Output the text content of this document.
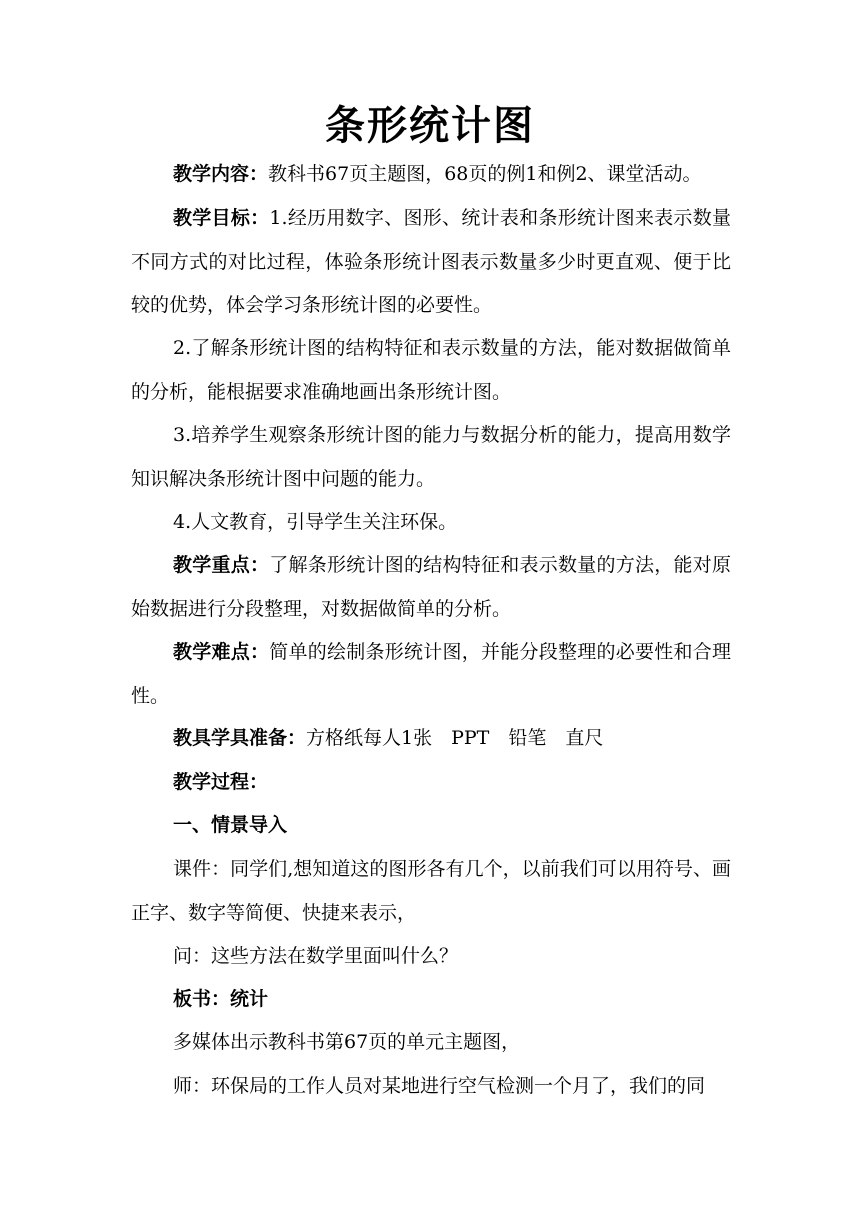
条形统计图

教学内容：教科书67页主题图，68页的例1和例2、课堂活动。

教学目标：1.经历用数字、图形、统计表和条形统计图来表示数量不同方式的对比过程，体验条形统计图表示数量多少时更直观、便于比较的优势，体会学习条形统计图的必要性。

2.了解条形统计图的结构特征和表示数量的方法，能对数据做简单的分析，能根据要求准确地画出条形统计图。

3.培养学生观察条形统计图的能力与数据分析的能力，提高用数学知识解决条形统计图中问题的能力。

4.人文教育，引导学生关注环保。

教学重点：了解条形统计图的结构特征和表示数量的方法，能对原始数据进行分段整理，对数据做简单的分析。

教学难点：简单的绘制条形统计图，并能分段整理的必要性和合理性。

教具学具准备：方格纸每人1张　PPT　铅笔　直尺

教学过程：

一、情景导入

课件：同学们,想知道这的图形各有几个，以前我们可以用符号、画正字、数字等简便、快捷来表示，

问：这些方法在数学里面叫什么？

板书：统计

多媒体出示教科书第67页的单元主题图，

师：环保局的工作人员对某地进行空气检测一个月了，我们的同
